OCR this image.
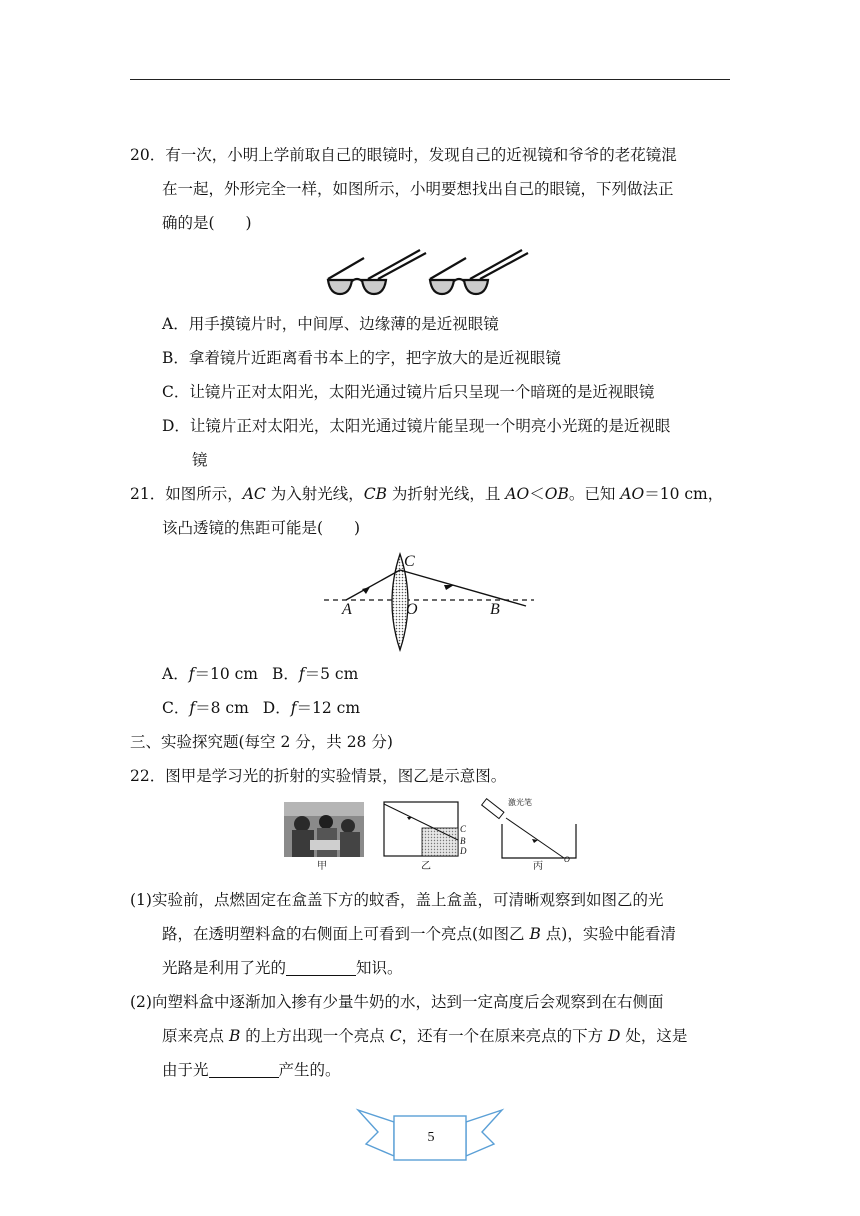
20．有一次，小明上学前取自己的眼镜时，发现自己的近视镜和爷爷的老花镜混
在一起，外形完全一样，如图所示，小明要想找出自己的眼镜，下列做法正
确的是(　　)
A．用手摸镜片时，中间厚、边缘薄的是近视眼镜
B．拿着镜片近距离看书本上的字，把字放大的是近视眼镜
C．让镜片正对太阳光，太阳光通过镜片后只呈现一个暗斑的是近视眼镜
D．让镜片正对太阳光，太阳光通过镜片能呈现一个明亮小光斑的是近视眼
镜
21．如图所示，AC 为入射光线，CB 为折射光线，且 AO＜OB。已知 AO＝10 cm，
该凸透镜的焦距可能是(　　)
A	O	B
C
A．f＝10 cm B．f＝5 cm
C．f＝8 cm D．f＝12 cm
三、实验探究题(每空 2 分，共 28 分)
22．图甲是学习光的折射的实验情景，图乙是示意图。
甲
C
B
D
乙
激光笔
O
丙
(1)实验前，点燃固定在盒盖下方的蚊香，盖上盒盖，可清晰观察到如图乙的光
路，在透明塑料盒的右侧面上可看到一个亮点(如图乙 B 点)，实验中能看清
光路是利用了光的	知识。
(2)向塑料盒中逐渐加入掺有少量牛奶的水，达到一定高度后会观察到在右侧面
原来亮点 B 的上方出现一个亮点 C，还有一个在原来亮点的下方 D 处，这是
由于光	产生的。
5
